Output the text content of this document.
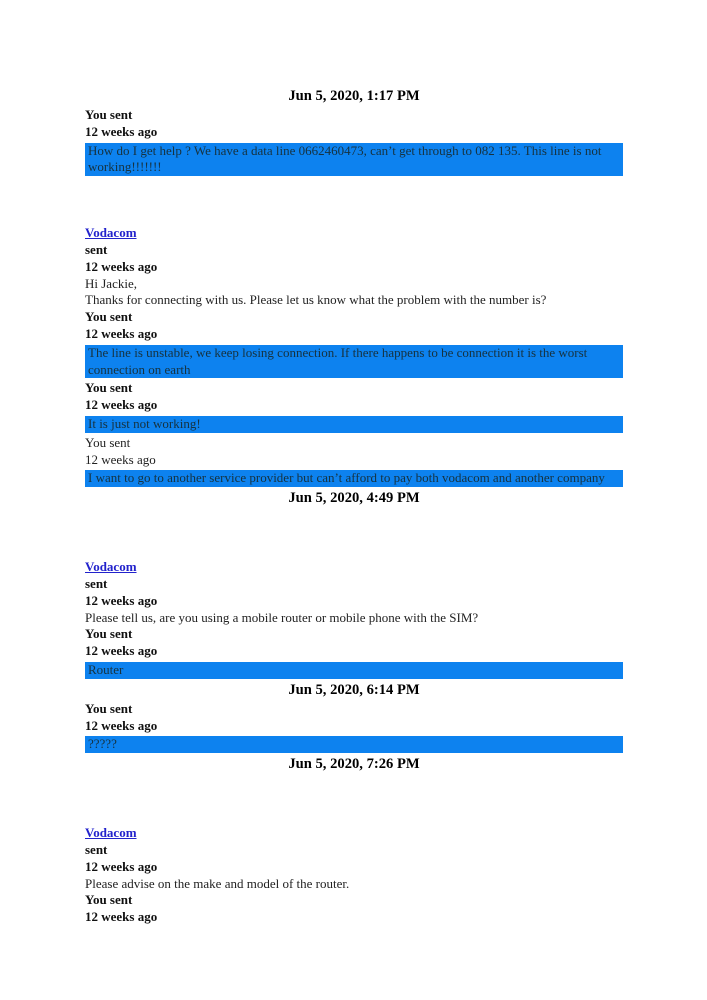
Jun 5, 2020, 1:17 PM
You sent
12 weeks ago
How do I get help ? We have a data line 0662460473, can’t get through to 082 135. This line is not working!!!!!!!
Vodacom
sent
12 weeks ago
Hi Jackie,
Thanks for connecting with us. Please let us know what the problem with the number is?
You sent
12 weeks ago
The line is unstable, we keep losing connection. If there happens to be connection it is the worst connection on earth
You sent
12 weeks ago
It is just not working!
You sent
12 weeks ago
I want to go to another service provider but can’t afford to pay both vodacom and another company
Jun 5, 2020, 4:49 PM
Vodacom
sent
12 weeks ago
Please tell us, are you using a mobile router or mobile phone with the SIM?
You sent
12 weeks ago
Router
Jun 5, 2020, 6:14 PM
You sent
12 weeks ago
?????
Jun 5, 2020, 7:26 PM
Vodacom
sent
12 weeks ago
Please advise on the make and model of the router.
You sent
12 weeks ago
